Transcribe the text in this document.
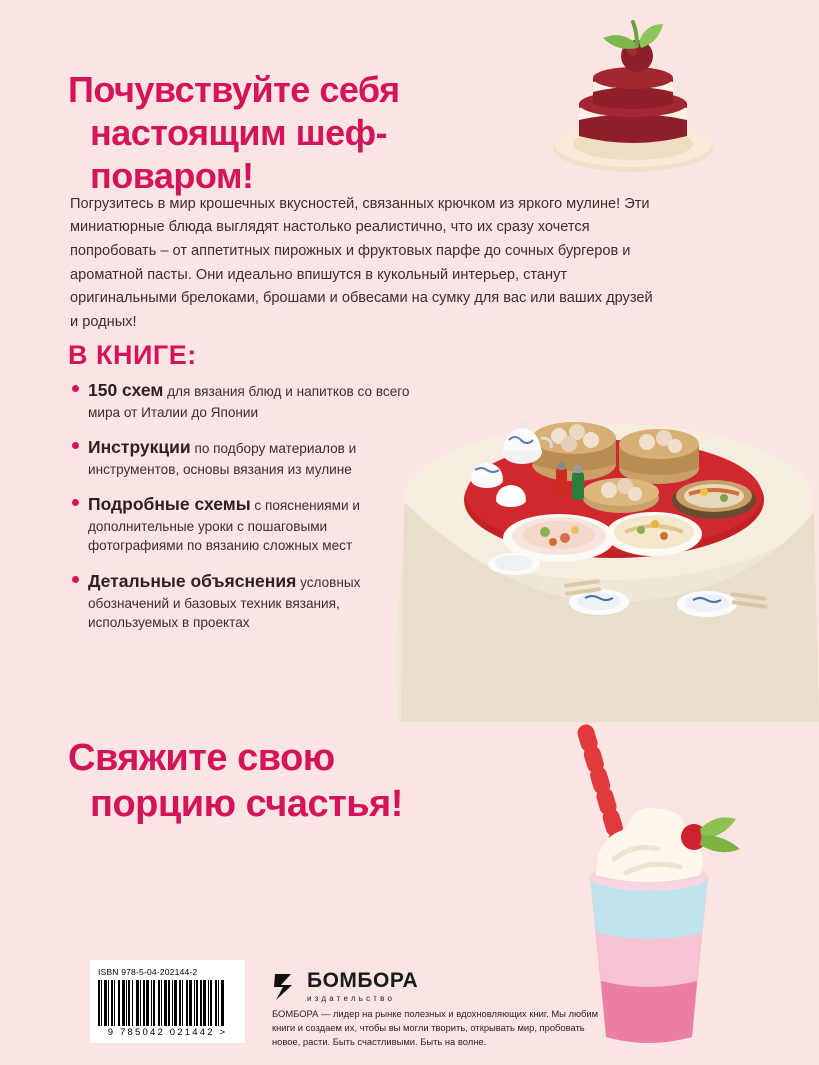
Почувствуйте себя
настоящим шеф-поваром!

Погрузитесь в мир крошечных вкусностей, связанных крючком из яркого мулине! Эти миниатюрные блюда выглядят настолько реалистично, что их сразу хочется попробовать – от аппетитных пирожных и фруктовых парфе до сочных бургеров и ароматной пасты. Они идеально впишутся в кукольный интерьер, станут оригинальными брелоками, брошами и обвесами на сумку для вас или ваших друзей и родных!

В КНИГЕ:
150 схем для вязания блюд и напитков со всего мира от Италии до Японии
Инструкции по подбору материалов и инструментов, основы вязания из мулине
Подробные схемы с пояснениями и дополнительные уроки с пошаговыми фотографиями по вязанию сложных мест
Детальные объяснения условных обозначений и базовых техник вязания, используемых в проектах
Свяжите свою
порцию счастья!
ISBN 978-5-04-202144-2
9 785042 021442 >
БОМБОРА
издательство
БОМБОРА — лидер на рынке полезных и вдохновляющих книг. Мы любим книги и создаем их, чтобы вы могли творить, открывать мир, пробовать новое, расти. Быть счастливыми. Быть на волне.
